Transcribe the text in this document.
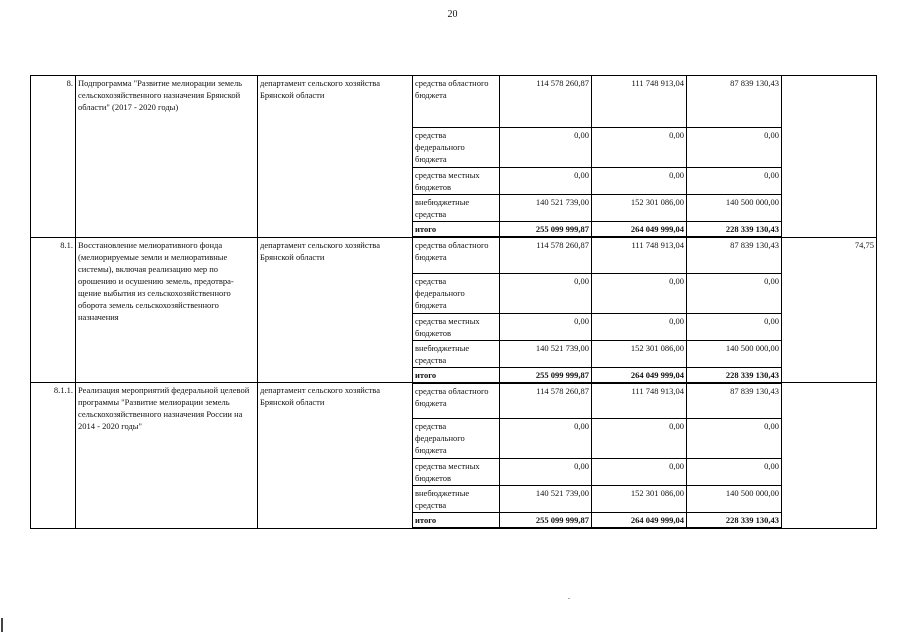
20
8.	Подпрограмма "Развитие мелиорации земель сельскохозяйственного назначения Брянской области" (2017 - 2020 годы)	департамент сельского хозяйства Брянской области	средства областного бюджета	114 578 260,87	111 748 913,04	87 839 130,43	
			средства федерального бюджета	0,00	0,00	0,00	
			средства местных бюджетов	0,00	0,00	0,00	
			внебюджетные средства	140 521 739,00	152 301 086,00	140 500 000,00	
			итого	255 099 999,87	264 049 999,04	228 339 130,43	
8.1.	Восстановление мелиоративного фонда (мелиорируемые земли и мелиоративные системы), включая реализацию мер по орошению и осушению земель, предотвра-щение выбытия из сельскохозяйственного оборота земель сельскохозяйственного назначения	департамент сельского хозяйства Брянской области	средства областного бюджета	114 578 260,87	111 748 913,04	87 839 130,43	74,75
			средства федерального бюджета	0,00	0,00	0,00	
			средства местных бюджетов	0,00	0,00	0,00	
			внебюджетные средства	140 521 739,00	152 301 086,00	140 500 000,00	
			итого	255 099 999,87	264 049 999,04	228 339 130,43	
8.1.1.	Реализация мероприятий федеральной целевой программы "Развитие мелиорации земель сельскохозяйственного назначения России на 2014 - 2020 годы"	департамент сельского хозяйства Брянской области	средства областного бюджета	114 578 260,87	111 748 913,04	87 839 130,43	
			средства федерального бюджета	0,00	0,00	0,00	
			средства местных бюджетов	0,00	0,00	0,00	
			внебюджетные средства	140 521 739,00	152 301 086,00	140 500 000,00	
			итого	255 099 999,87	264 049 999,04	228 339 130,43	
